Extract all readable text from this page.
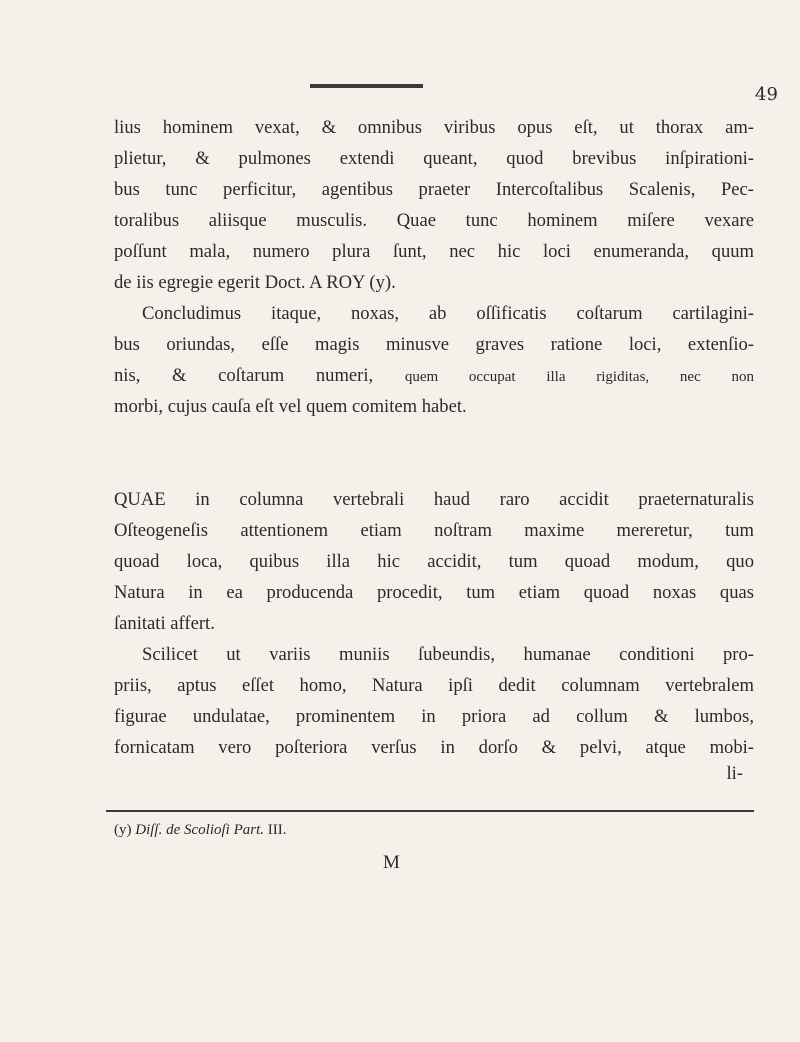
49
lius hominem vexat, & omnibus viribus opus eſt, ut thorax am-
plietur, & pulmones extendi queant, quod brevibus inſpirationi-
bus tunc perficitur, agentibus praeter Intercoſtalibus Scalenis, Pec-
toralibus aliisque musculis. Quae tunc hominem miſere vexare
poſſunt mala, numero plura ſunt, nec hic loci enumeranda, quum
de iis egregie egerit Doct. A ROY (y).
Concludimus itaque, noxas, ab oſſificatis coſtarum cartilagini-
bus oriundas, eſſe magis minusve graves ratione loci, extenſio-
nis, & coſtarum numeri, quem occupat illa rigiditas, nec non
morbi, cujus cauſa eſt vel quem comitem habet.
QUAE in columna vertebrali haud raro accidit praeternaturalis
Oſteogeneſis attentionem etiam noſtram maxime mereretur, tum
quoad loca, quibus illa hic accidit, tum quoad modum, quo
Natura in ea producenda procedit, tum etiam quoad noxas quas
ſanitati affert.
Scilicet ut variis muniis ſubeundis, humanae conditioni pro-
priis, aptus eſſet homo, Natura ipſi dedit columnam vertebralem
figurae undulatae, prominentem in priora ad collum & lumbos,
fornicatam vero poſteriora verſus in dorſo & pelvi, atque mobi-
li-
(y) Diſſ. de Scolioſi Part. III.
M
